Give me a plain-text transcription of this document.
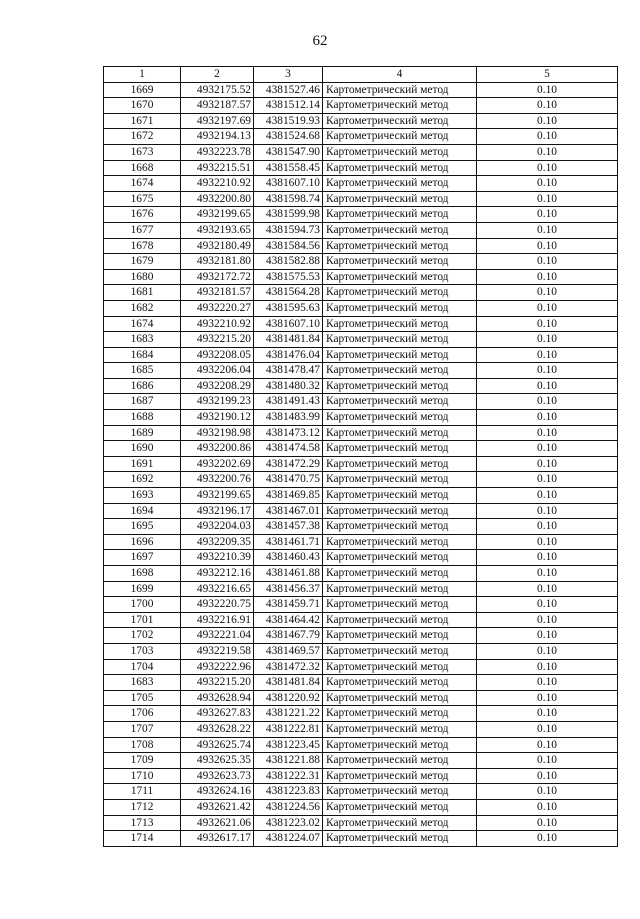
62
1	2	3	4	5
1669	4932175.52	4381527.46	Картометрический метод	0.10
1670	4932187.57	4381512.14	Картометрический метод	0.10
1671	4932197.69	4381519.93	Картометрический метод	0.10
1672	4932194.13	4381524.68	Картометрический метод	0.10
1673	4932223.78	4381547.90	Картометрический метод	0.10
1668	4932215.51	4381558.45	Картометрический метод	0.10
1674	4932210.92	4381607.10	Картометрический метод	0.10
1675	4932200.80	4381598.74	Картометрический метод	0.10
1676	4932199.65	4381599.98	Картометрический метод	0.10
1677	4932193.65	4381594.73	Картометрический метод	0.10
1678	4932180.49	4381584.56	Картометрический метод	0.10
1679	4932181.80	4381582.88	Картометрический метод	0.10
1680	4932172.72	4381575.53	Картометрический метод	0.10
1681	4932181.57	4381564.28	Картометрический метод	0.10
1682	4932220.27	4381595.63	Картометрический метод	0.10
1674	4932210.92	4381607.10	Картометрический метод	0.10
1683	4932215.20	4381481.84	Картометрический метод	0.10
1684	4932208.05	4381476.04	Картометрический метод	0.10
1685	4932206.04	4381478.47	Картометрический метод	0.10
1686	4932208.29	4381480.32	Картометрический метод	0.10
1687	4932199.23	4381491.43	Картометрический метод	0.10
1688	4932190.12	4381483.99	Картометрический метод	0.10
1689	4932198.98	4381473.12	Картометрический метод	0.10
1690	4932200.86	4381474.58	Картометрический метод	0.10
1691	4932202.69	4381472.29	Картометрический метод	0.10
1692	4932200.76	4381470.75	Картометрический метод	0.10
1693	4932199.65	4381469.85	Картометрический метод	0.10
1694	4932196.17	4381467.01	Картометрический метод	0.10
1695	4932204.03	4381457.38	Картометрический метод	0.10
1696	4932209.35	4381461.71	Картометрический метод	0.10
1697	4932210.39	4381460.43	Картометрический метод	0.10
1698	4932212.16	4381461.88	Картометрический метод	0.10
1699	4932216.65	4381456.37	Картометрический метод	0.10
1700	4932220.75	4381459.71	Картометрический метод	0.10
1701	4932216.91	4381464.42	Картометрический метод	0.10
1702	4932221.04	4381467.79	Картометрический метод	0.10
1703	4932219.58	4381469.57	Картометрический метод	0.10
1704	4932222.96	4381472.32	Картометрический метод	0.10
1683	4932215.20	4381481.84	Картометрический метод	0.10
1705	4932628.94	4381220.92	Картометрический метод	0.10
1706	4932627.83	4381221.22	Картометрический метод	0.10
1707	4932628.22	4381222.81	Картометрический метод	0.10
1708	4932625.74	4381223.45	Картометрический метод	0.10
1709	4932625.35	4381221.88	Картометрический метод	0.10
1710	4932623.73	4381222.31	Картометрический метод	0.10
1711	4932624.16	4381223.83	Картометрический метод	0.10
1712	4932621.42	4381224.56	Картометрический метод	0.10
1713	4932621.06	4381223.02	Картометрический метод	0.10
1714	4932617.17	4381224.07	Картометрический метод	0.10
